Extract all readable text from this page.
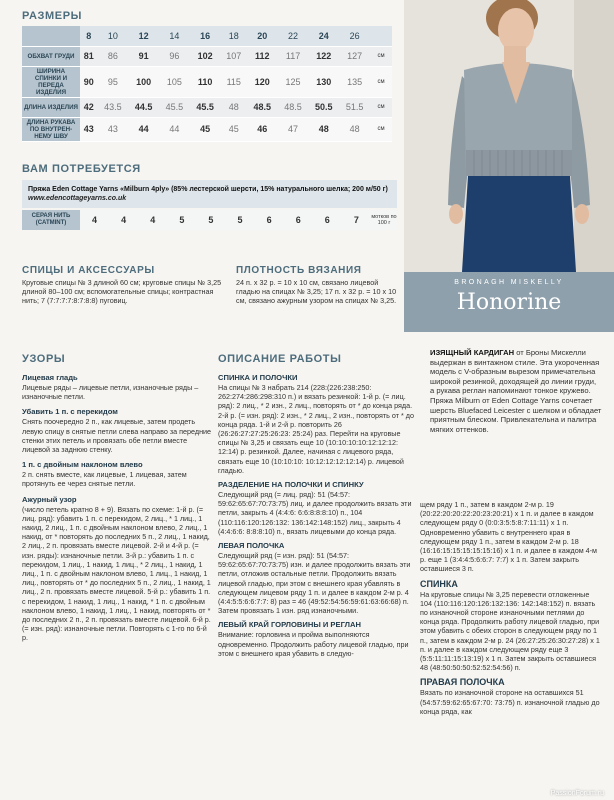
РАЗМЕРЫ
	8	10	12	14	16	18	20	22	24	26	
ОБХВАТ ГРУДИ	81	86	91	96	102	107	112	117	122	127	см
ШИРИНА СПИНКИ И ПЕРЕДА ИЗДЕЛИЯ	90	95	100	105	110	115	120	125	130	135	см
ДЛИНА ИЗДЕЛИЯ	42	43.5	44.5	45.5	45.5	48	48.5	48.5	50.5	51.5	см
ДЛИНА РУКАВА ПО ВНУТРЕН-НЕМУ ШВУ	43	43	44	44	45	45	46	47	48	48	см
ВАМ ПОТРЕБУЕТСЯ
Пряжа Eden Cottage Yarns «Milburn 4ply» (85% лестерской шерсти, 15% натурального шелка; 200 м/50 г)
www.edencottageyarns.co.uk
СЕРАЯ НИТЬ (CATMINT)	4	4	4	5	5	5	6	6	6	7	мотков по 100 г
СПИЦЫ И АКСЕССУАРЫ
Круговые спицы № 3 длиной 60 см; круговые спицы № 3,25 длиной 80–100 см; вспомогательные спицы; контрастная нить; 7 (7:7:7:7:8:7:8:8) пуговиц.
ПЛОТНОСТЬ ВЯЗАНИЯ
24 п. х 32 р. = 10 х 10 см, связано лицевой гладью на спицах № 3,25; 17 п. х 32 р. = 10 х 10 см, связано ажурным узором на спицах № 3,25.
BRONAGH MISKELLY
Honorine
ИЗЯЩНЫЙ КАРДИГАН от Броны Мискелли выдержан в винтажном стиле. Эта укороченная модель с V-образным вырезом примечательна широкой резинкой, доходящей до линии груди, а рукава реглан напоминают тонкое кружево. Пряжа Milburn от Eden Cottage Yarns сочетает шерсть Bluefaced Leicester с шелком и обладает приятным блеском. Привлекательна и палитра мягких оттенков.
УЗОРЫ
Лицевая гладь
Лицевые ряды – лицевые петли, изнаночные ряды – изнаночные петли.
Убавить 1 п. с перекидом
Снять поочередно 2 п., как лицевые, затем продеть левую спицу в снятые петли слева направо за передние стенки этих петель и провязать обе петли вместе лицевой за заднюю стенку.
1 п. с двойным наклоном влево
2 п. снять вместе, как лицевые, 1 лицевая, затем протянуть ее через снятые петли.
Ажурный узор
(число петель кратно 8 + 9). Вязать по схеме: 1-й р. (= лиц. ряд): убавить 1 п. с перекидом, 2 лиц., * 1 лиц., 1 накид, 2 лиц., 1 п. с двойным наклоном влево, 2 лиц., 1 накид, от * повторять до последних 5 п., 2 лиц., 1 накид, 2 лиц., 2 п. провязать вместе лицевой. 2-й и 4-й р. (= изн. ряды): изнаночные петли. 3-й р.: убавить 1 п. с перекидом, 1 лиц., 1 накид, 1 лиц., * 2 лиц., 1 накид, 1 лиц., 1 п. с двойным наклоном влево, 1 лиц., 1 накид, 1 лиц., повторять от * до последних 5 п., 2 лиц., 1 накид, 1 лиц., 2 п. провязать вместе лицевой. 5-й р.: убавить 1 п. с перекидом, 1 накид, 1 лиц., 1 накид, * 1 п. с двойным наклоном влево, 1 накид, 1 лиц., 1 накид, повторять от * до последних 2 п., 2 п. провязать вместе лицевой. 6-й р. (= изн. ряд): изнаночные петли. Повторять с 1-го по 6-й р.
ОПИСАНИЕ РАБОТЫ
СПИНКА И ПОЛОЧКИ
На спицы № 3 набрать 214 (228:(226:238:250: 262:274:286:298:310 п.) и вязать резинкой: 1-й р. (= лиц. ряд): 2 лиц., * 2 изн., 2 лиц., повторять от * до конца ряда. 2-й р. (= изн. ряд): 2 изн., * 2 лиц., 2 изн., повторять от * до конца ряда. 1-й и 2-й р. повторить 26 (26:26:27:27:25:26:23: 25:24) раз. Перейти на круговые спицы № 3,25 и связать еще 10 (10:10:10:10:12:12:12: 12:14) р. резинкой. Далее, начиная с лицевого ряда, связать еще 10 (10:10:10: 10:12:12:12:12:14) р. лицевой гладью.
РАЗДЕЛЕНИЕ НА ПОЛОЧКИ И СПИНКУ
Следующий ряд (= лиц. ряд): 51 (54:57: 59:62:65:67:70:73:75) лиц. и далее продолжить вязать эти петли, закрыть 4 (4:4:6: 6:6:8:8:8:10) п., 104 (110:116:120:126:132: 136:142:148:152) лиц., закрыть 4 (4:4:6:6: 8:8:8:10) п., вязать лицевыми до конца ряда.
ЛЕВАЯ ПОЛОЧКА
Следующий ряд (= изн. ряд): 51 (54:57: 59:62:65:67:70:73:75) изн. и далее продолжить вязать эти петли, отложив остальные петли. Продолжить вязать лицевой гладью, при этом с внешнего края убавлять в следующем лицевом ряду 1 п. и далее в каждом 2-м р. 4 (4:4:5:5:6:6:7:7: 8) раз = 46 (49:52:54:56:59:61:63:66:68) п. Затем провязать 1 изн. ряд изнаночными.
ЛЕВЫЙ КРАЙ ГОРЛОВИНЫ И РЕГЛАН
Внимание: горловина и пройма выполняются одновременно. Продолжить работу лицевой гладью, при этом с внешнего края убавить в следую-
щем ряду 1 п., затем в каждом 2-м р. 19 (20:22:20:20:22:20:23:20:21) х 1 п. и далее в каждом следующем ряду 0 (0:0:3:5:5:8:7:11:11) х 1 п. Одновременно убавить с внутреннего края в следующем ряду 1 п., затем в каждом 2-м р. 18 (16:16:15:15:15:15:15:16) х 1 п. и далее в каждом 4-м р. еще 1 (3:4:4:5:6:6:7: 7:7) х 1 п. Затем закрыть оставшиеся 3 п.
СПИНКА
На круговые спицы № 3,25 перевести отложенные 104 (110:116:120:126:132:136: 142:148:152) п. вязать по изнаночной стороне изнаночными петлями до конца ряда. Продолжить работу лицевой гладью, при этом убавить с обеих сторон в следующем ряду по 1 п., затем в каждом 2-м р. 24 (26:27:25:26:30:27:28) х 1 п. и далее в каждом следующем ряду еще 3 (5:5:11:11:15:13:19) х 1 п. Затем закрыть оставшиеся 48 (48:50:50:50:52:52:54:56) п.
ПРАВАЯ ПОЛОЧКА
Вязать по изнаночной стороне на оставшихся 51 (54:57:59:62:65:67:70: 73:75) п. изнаночной гладью до конца ряда, как
PassionForum.ru
